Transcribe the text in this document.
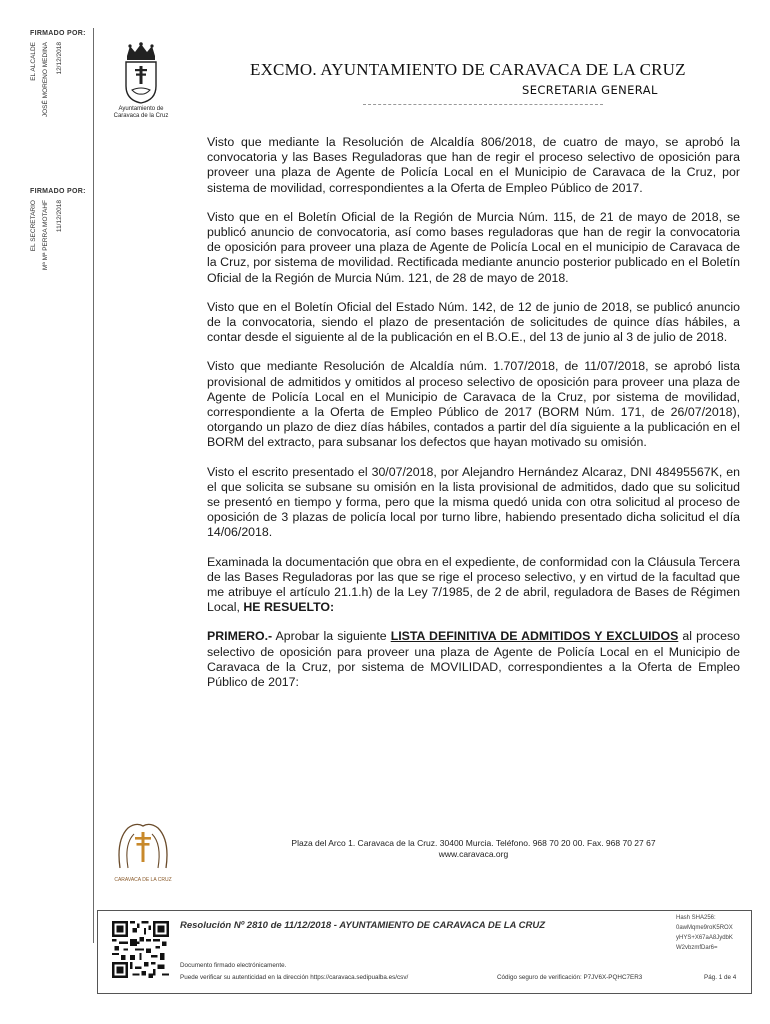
FIRMADO POR:
EL ALCALDE JOSÉ MORENO MEDINA 12/12/2018
FIRMADO POR:
EL SECRETARIO Mª Mª PERRA MOTAHF 11/12/2018
Ayuntamiento de
Caravaca de la Cruz
EXCMO. AYUNTAMIENTO DE CARAVACA DE LA CRUZ
SECRETARIA GENERAL

Visto que mediante la Resolución de Alcaldía 806/2018, de cuatro de mayo, se aprobó la convocatoria y las Bases Reguladoras que han de regir el proceso selectivo de oposición para proveer una plaza de Agente de Policía Local en el Municipio de Caravaca de la Cruz, por sistema de movilidad, correspondientes a la Oferta de Empleo Público de 2017.

Visto que en el Boletín Oficial de la Región de Murcia Núm. 115, de 21 de mayo de 2018, se publicó anuncio de convocatoria, así como bases reguladoras que han de regir la convocatoria de oposición para proveer una plaza de Agente de Policía Local en el municipio de Caravaca de la Cruz, por sistema de movilidad. Rectificada mediante anuncio posterior publicado en el Boletín Oficial de la Región de Murcia Núm. 121, de 28 de mayo de 2018.

Visto que en el Boletín Oficial del Estado Núm. 142, de 12 de junio de 2018, se publicó anuncio de la convocatoria, siendo el plazo de presentación de solicitudes de quince días hábiles, a contar desde el siguiente al de la publicación en el B.O.E., del 13 de junio al 3 de julio de 2018.

Visto que mediante Resolución de Alcaldía núm. 1.707/2018, de 11/07/2018, se aprobó lista provisional de admitidos y omitidos al proceso selectivo de oposición para proveer una plaza de Agente de Policía Local en el Municipio de Caravaca de la Cruz, por sistema de movilidad, correspondiente a la Oferta de Empleo Público de 2017 (BORM Núm. 171, de 26/07/2018), otorgando un plazo de diez días hábiles, contados a partir del día siguiente a la publicación en el BORM del extracto, para subsanar los defectos que hayan motivado su omisión.

Visto el escrito presentado el 30/07/2018, por Alejandro Hernández Alcaraz, DNI 48495567K, en el que solicita se subsane su omisión en la lista provisional de admitidos, dado que su solicitud se presentó en tiempo y forma, pero que la misma quedó unida con otra solicitud al proceso de oposición de 3 plazas de policía local por turno libre, habiendo presentado dicha solicitud el día 14/06/2018.

Examinada la documentación que obra en el expediente, de conformidad con la Cláusula Tercera de las Bases Reguladoras por las que se rige el proceso selectivo, y en virtud de la facultad que me atribuye el artículo 21.1.h) de la Ley 7/1985, de 2 de abril, reguladora de Bases de Régimen Local, HE RESUELTO:

PRIMERO.- Aprobar la siguiente LISTA DEFINITIVA DE ADMITIDOS Y EXCLUIDOS al proceso selectivo de oposición para proveer una plaza de Agente de Policía Local en el Municipio de Caravaca de la Cruz, por sistema de MOVILIDAD, correspondientes a la Oferta de Empleo Público de 2017:

CARAVACA DE LA CRUZ
Plaza del Arco 1. Caravaca de la Cruz. 30400 Murcia. Teléfono. 968 70 20 00. Fax. 968 70 27 67
www.caravaca.org
Resolución Nº 2810 de 11/12/2018 - AYUNTAMIENTO DE CARAVACA DE LA CRUZ
Hash SHA256:
0awMqme9roK5ROX
yHYS+X67aA8JydbK
W2vbzmfDar6=
Documento firmado electrónicamente.
Puede verificar su autenticidad en la dirección https://caravaca.sedipualba.es/csv/	Código seguro de verificación: P7JV6X-PQHC7ER3	Pág. 1 de 4
